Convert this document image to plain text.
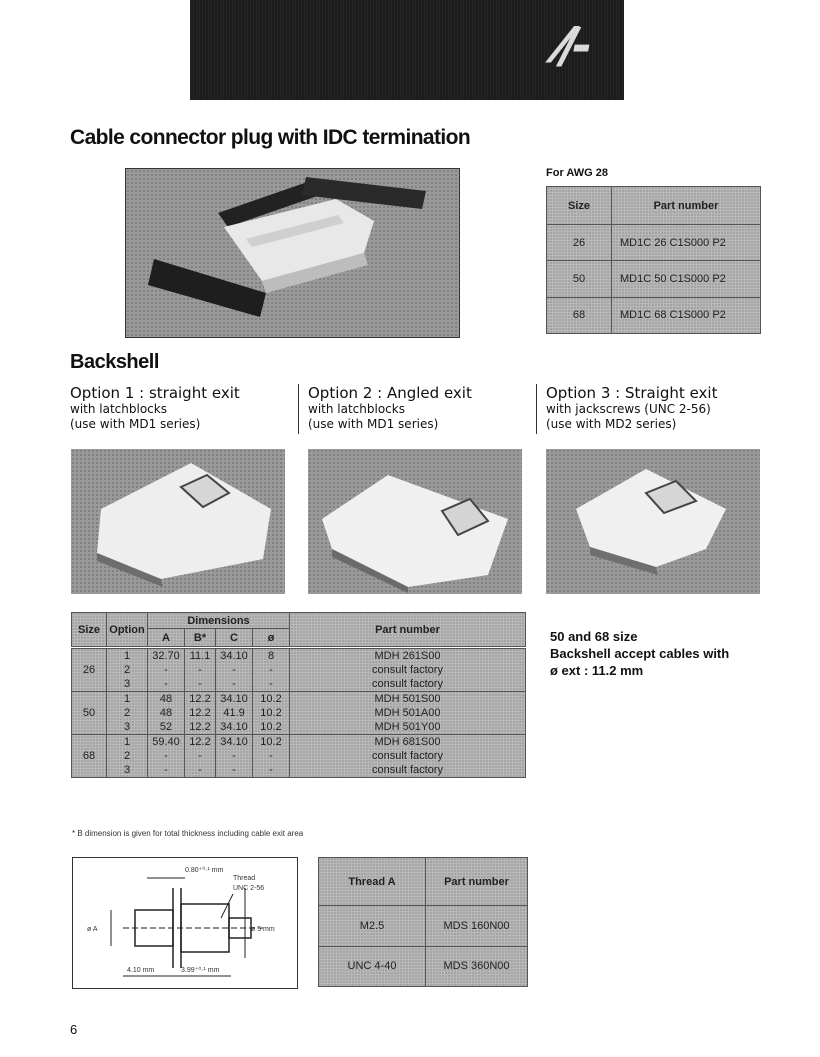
⁄/-
Cable connector plug with IDC termination
For AWG 28
Size	Part number
26	MD1C 26 C1S000 P2
50	MD1C 50 C1S000 P2
68	MD1C 68 C1S000 P2
Backshell
Option 1 : straight exit
with latchblocks
(use with MD1 series)
Option 2 : Angled exit
with latchblocks
(use with MD1 series)
Option 3 : Straight exit
with jackscrews (UNC 2-56)
(use with MD2 series)
Size	Option	Dimensions				Part number
		A	B*	C	ø	
26	1	32.70	11.1	34.10	8	MDH 261S00
	2	-	-	-	-	consult factory
	3	-	-	-	-	consult factory
50	1	48	12.2	34.10	10.2	MDH 501S00
	2	48	12.2	41.9	10.2	MDH 501A00
	3	52	12.2	34.10	10.2	MDH 501Y00
68	1	59.40	12.2	34.10	10.2	MDH 681S00
	2	-	-	-	-	consult factory
	3	-	-	-	-	consult factory
* B dimension is given for total thickness including cable exit area
50 and 68 size
Backshell accept cables with
ø ext : 11.2 mm
0.80⁺⁰·¹ mm
Thread
UNC 2-56
ø A	ø 5 mm
4.10 mm	3.99⁺⁰·¹ mm
Thread A	Part number
M2.5	MDS 160N00
UNC 4-40	MDS 360N00
6
